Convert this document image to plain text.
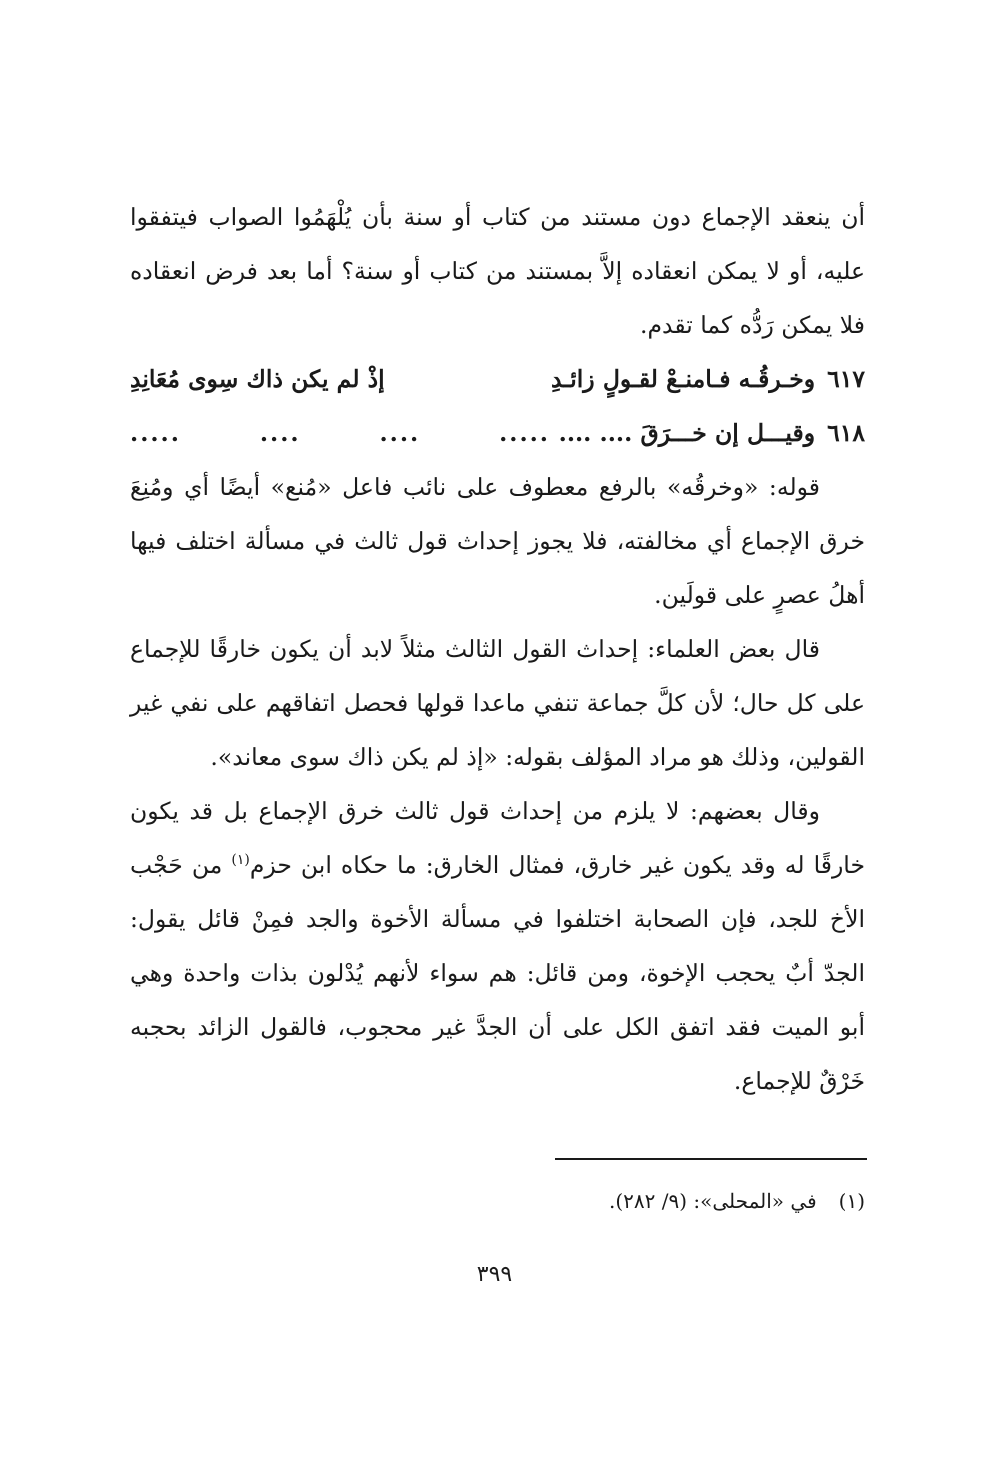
أن ينعقد الإجماع دون مستند من كتاب أو سنة بأن يُلْهَمُوا الصواب فيتفقوا عليه، أو لا يمكن انعقاده إلاَّ بمستند من كتاب أو سنة؟ أما بعد فرض انعقاده فلا يمكن رَدُّه كما تقدم.

٦١٧وخـرقُـه فـامنـعْ لقـولٍ زائـدِ
إذْ لم يكن ذاك سِوى مُعَانِدِ
٦١٨وقيـــل إن خـــرَقَ .... ....
.....
....
....
.....

قوله: «وخرقُه» بالرفع معطوف على نائب فاعل «مُنع» أيضًا أي ومُنِعَ خرق الإجماع أي مخالفته، فلا يجوز إحداث قول ثالث في مسألة اختلف فيها أهلُ عصرٍ على قولَين.

قال بعض العلماء: إحداث القول الثالث مثلاً لابد أن يكون خارقًا للإجماع على كل حال؛ لأن كلَّ جماعة تنفي ماعدا قولها فحصل اتفاقهم على نفي غير القولين، وذلك هو مراد المؤلف بقوله: «إذ لم يكن ذاك سوى معاند».

وقال بعضهم: لا يلزم من إحداث قول ثالث خرق الإجماع بل قد يكون خارقًا له وقد يكون غير خارق، فمثال الخارق: ما حكاه ابن حزم$^{(١)}$ من حَجْب الأخ للجد، فإن الصحابة اختلفوا في مسألة الأخوة والجد فمِنْ قائل يقول: الجدّ أبٌ يحجب الإخوة، ومن قائل: هم سواء لأنهم يُدْلون بذات واحدة وهي أبو الميت فقد اتفق الكل على أن الجدَّ غير محجوب، فالقول الزائد بحجبه خَرْقٌ للإجماع.

(١)في «المحلى»: (٩/ ٢٨٢).
٣٩٩
